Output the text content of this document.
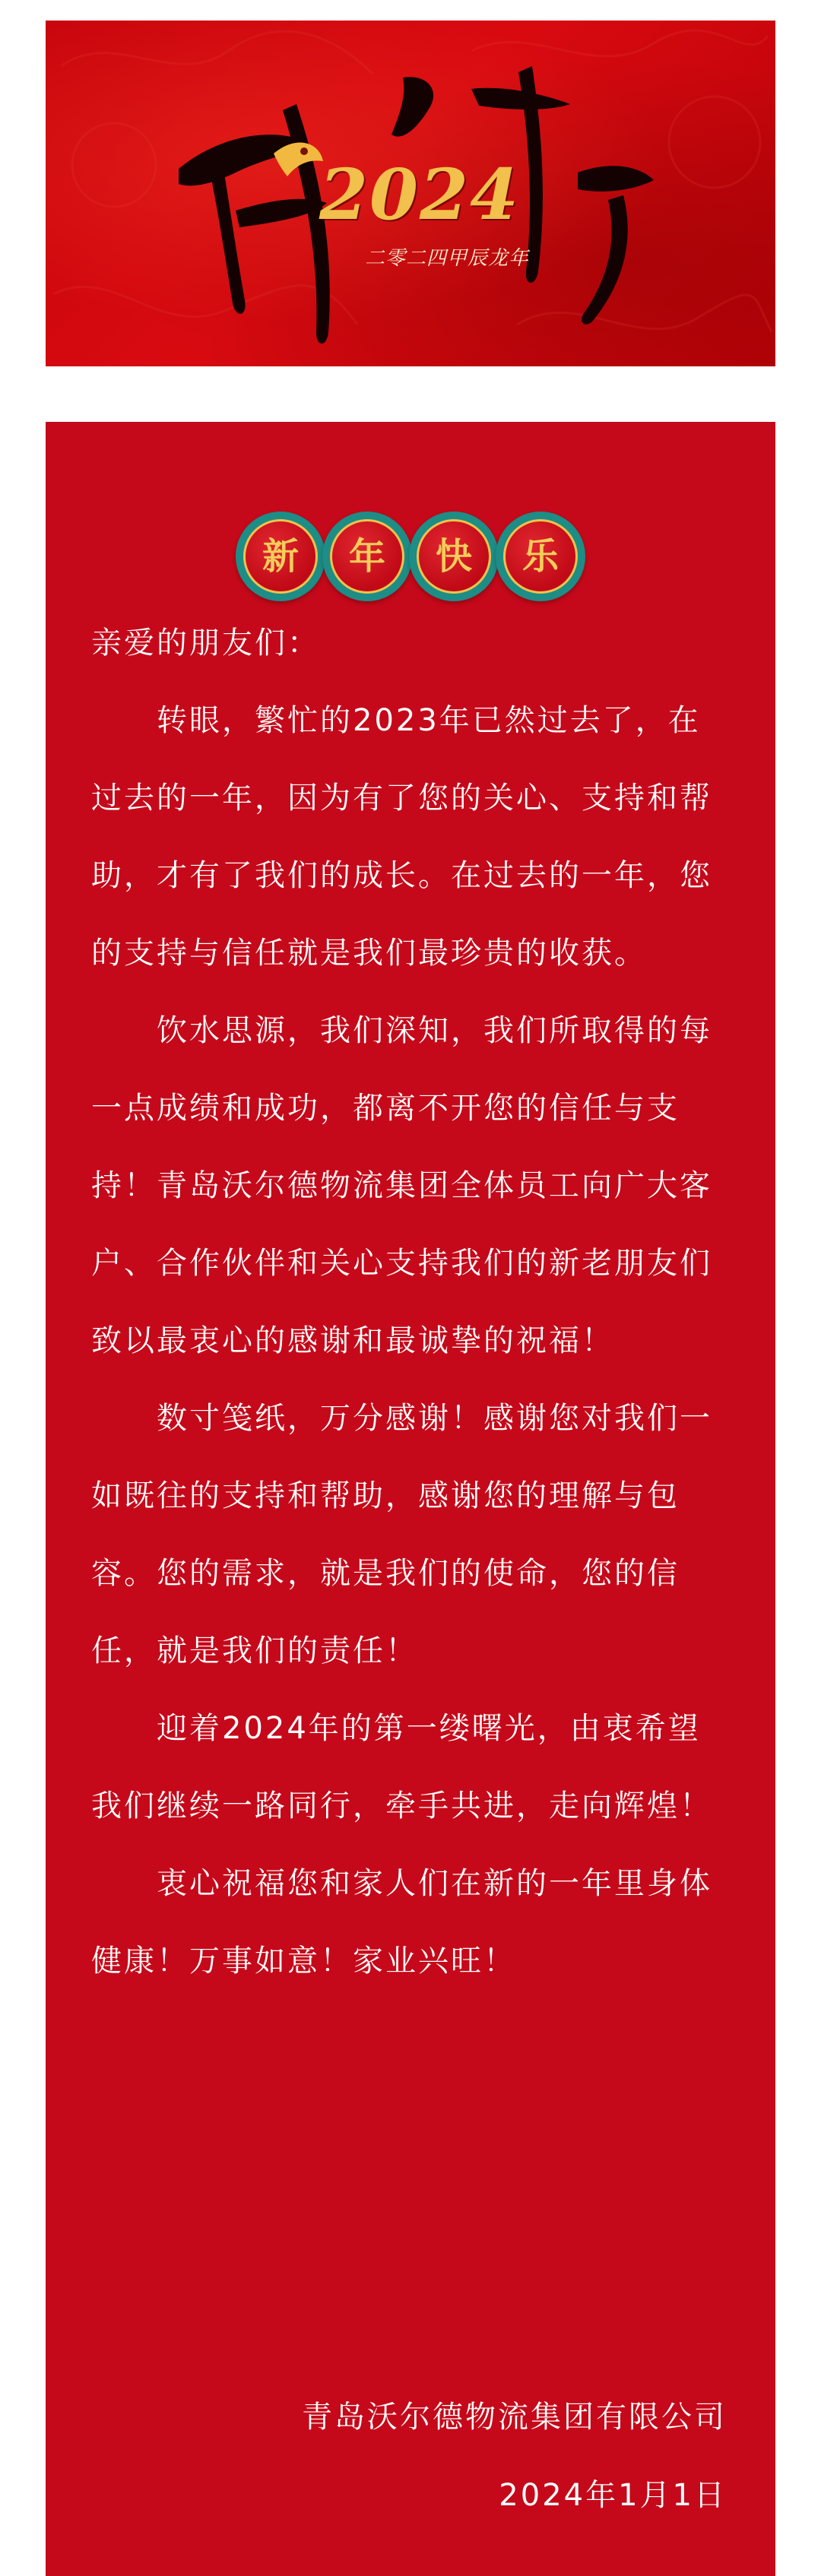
2024
二零二四甲辰龙年
新	年	快	乐

亲爱的朋友们：

转眼，繁忙的2023年已然过去了，在过去的一年，因为有了您的关心、支持和帮助，才有了我们的成长。在过去的一年，您的支持与信任就是我们最珍贵的收获。

饮水思源，我们深知，我们所取得的每一点成绩和成功，都离不开您的信任与支持！青岛沃尔德物流集团全体员工向广大客户、合作伙伴和关心支持我们的新老朋友们致以最衷心的感谢和最诚挚的祝福！

数寸笺纸，万分感谢！感谢您对我们一如既往的支持和帮助，感谢您的理解与包容。您的需求，就是我们的使命，您的信任，就是我们的责任！

迎着2024年的第一缕曙光，由衷希望我们继续一路同行，牵手共进，走向辉煌！

衷心祝福您和家人们在新的一年里身体健康！万事如意！家业兴旺！

青岛沃尔德物流集团有限公司
2024年1月1日
